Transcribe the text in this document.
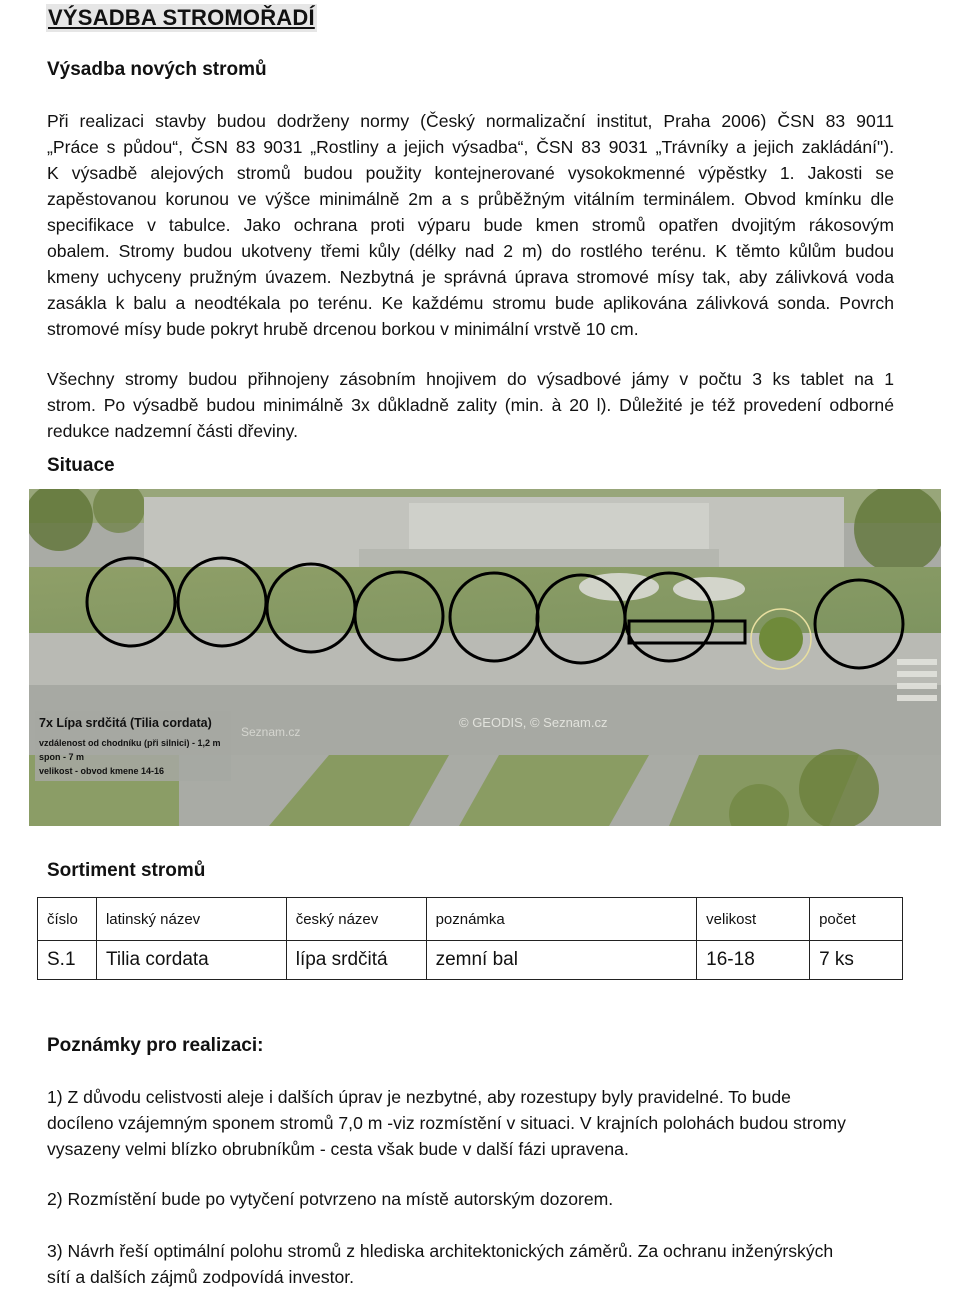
VÝSADBA STROMOŘADÍ
Výsadba nových stromů
Při realizaci stavby budou dodrženy normy (Český normalizační institut, Praha 2006) ČSN 83 9011
„Práce s půdou“, ČSN 83 9031 „Rostliny a jejich výsadba“, ČSN 83 9031 „Trávníky a jejich zakládání").
K výsadbě alejových stromů budou použity kontejnerované vysokokmenné výpěstky 1. Jakosti se
zapěstovanou korunou ve výšce minimálně 2m a s průběžným vitálním terminálem. Obvod kmínku dle
specifikace v tabulce. Jako ochrana proti výparu bude kmen stromů opatřen dvojitým rákosovým
obalem. Stromy budou ukotveny třemi kůly (délky nad 2 m) do rostlého terénu. K těmto kůlům budou
kmeny uchyceny pružným úvazem. Nezbytná je správná úprava stromové mísy tak, aby zálivková voda
zasákla k balu a neodtékala po terénu. Ke každému stromu bude aplikována zálivková sonda. Povrch
stromové mísy bude pokryt hrubě drcenou borkou v minimální vrstvě 10 cm.
Všechny stromy budou přihnojeny zásobním hnojivem do výsadbové jámy v počtu 3 ks tablet na 1
strom. Po výsadbě budou minimálně 3x důkladně zality (min. à 20 l). Důležité je též provedení odborné
redukce nadzemní části dřeviny.
Situace
7x Lípa srdčitá (Tilia cordata)
vzdálenost od chodníku (při silnici) - 1,2 m
spon - 7 m
velikost - obvod kmene 14-16
Seznam.cz
© GEODIS, © Seznam.cz
Sortiment stromů
číslo	latinský název	český název	poznámka	velikost	počet
S.1	Tilia cordata	lípa srdčitá	zemní bal	16-18	7 ks
Poznámky pro realizaci:
1) Z důvodu celistvosti aleje i dalších úprav je nezbytné, aby rozestupy byly pravidelné. To bude
docíleno vzájemným sponem stromů 7,0 m -viz rozmístění v situaci. V krajních polohách budou stromy
vysazeny velmi blízko obrubníkům - cesta však bude v další fázi upravena.
2) Rozmístění bude po vytyčení potvrzeno na místě autorským dozorem.
3) Návrh řeší optimální polohu stromů z hlediska architektonických záměrů. Za ochranu inženýrských
sítí a dalších zájmů zodpovídá investor.
